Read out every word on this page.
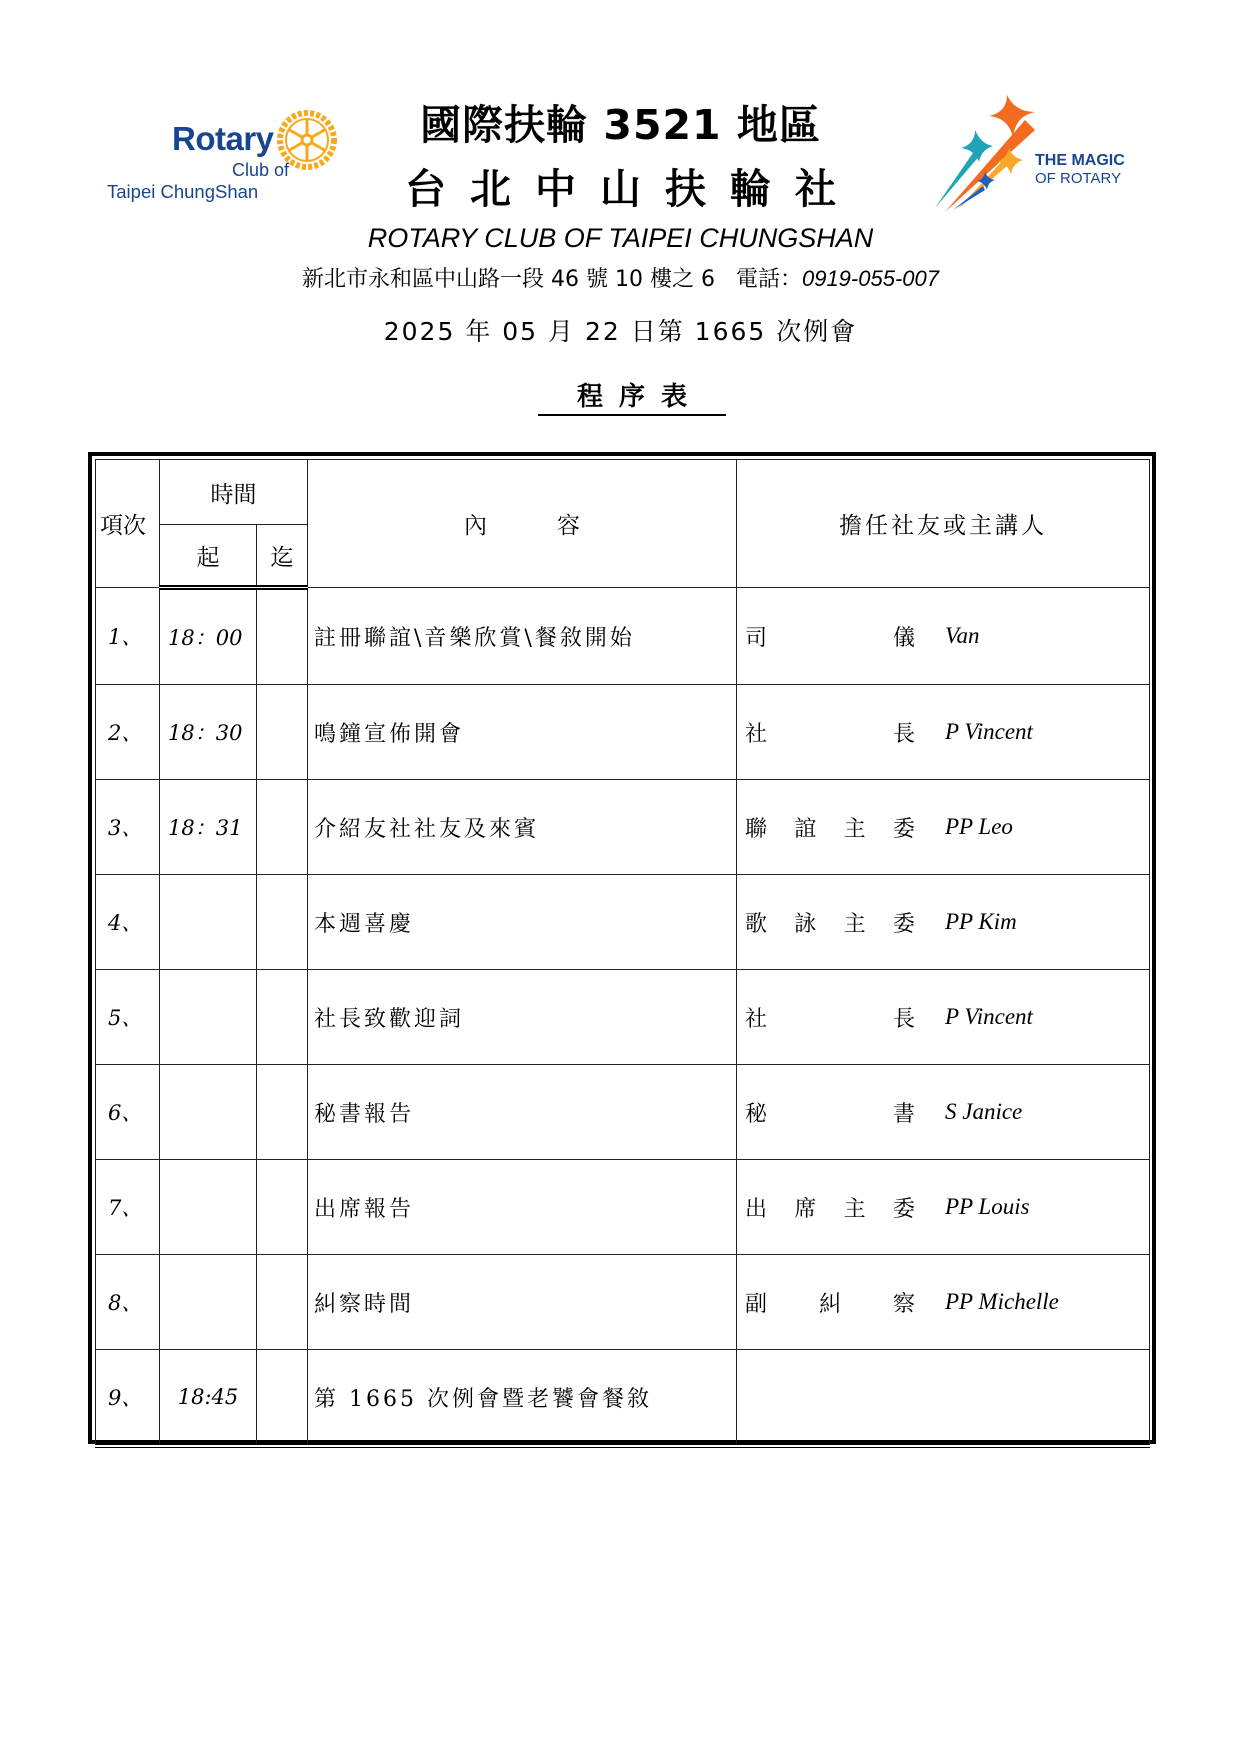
Rotary
Club of
Taipei ChungShan
THE MAGIC
OF ROTARY
國際扶輪 3521 地區
台北中山扶輪社
ROTARY CLUB OF TAIPEI CHUNGSHAN
新北市永和區中山路一段 46 號 10 樓之 6 電話：0919-055-007
2025 年 05 月 22 日第 1665 次例會
程序表
項次	時間		內容	擔任社友或主講人
	起	迄		
1、	18：00		註冊聯誼\音樂欣賞\餐敘開始	司 儀 Van

2、	18：30		鳴鐘宣佈開會	社 長 P Vincent

3、	18：31		介紹友社社友及來賓	聯 誼 主 委 PP Leo

4、			本週喜慶	歌 詠 主 委 PP Kim

5、			社長致歡迎詞	社 長 P Vincent

6、			秘書報告	秘 書 S Janice

7、			出席報告	出 席 主 委 PP Louis

8、			糾察時間	副 糾 察 PP Michelle

9、	18:45		第 1665 次例會暨老饕會餐敘	
